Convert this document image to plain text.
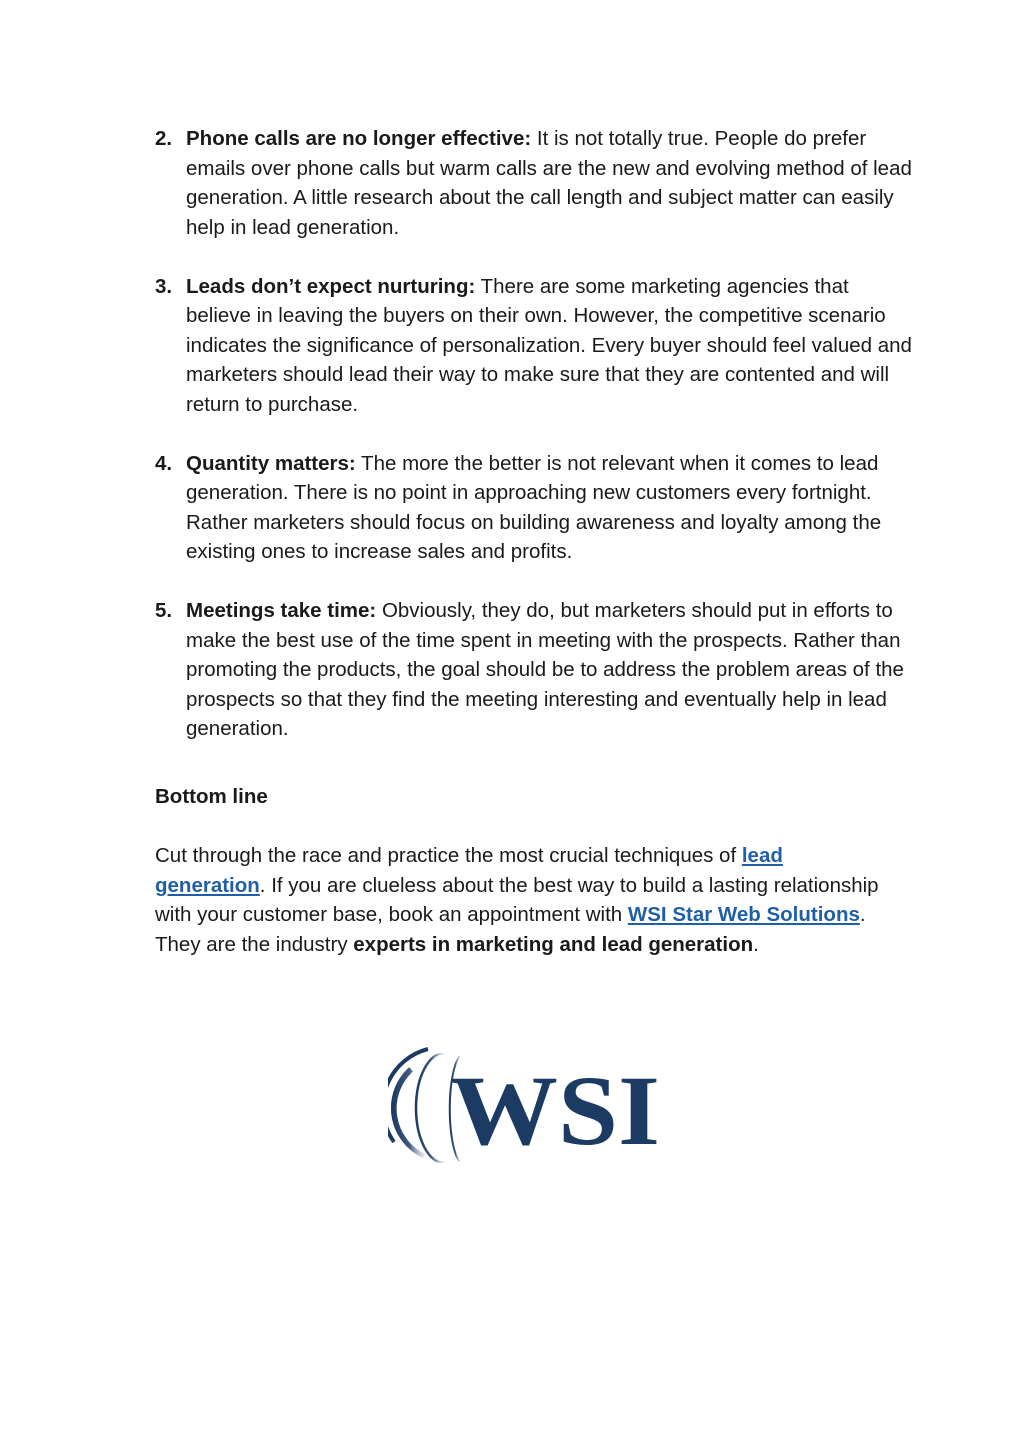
2. Phone calls are no longer effective: It is not totally true. People do prefer emails over phone calls but warm calls are the new and evolving method of lead generation. A little research about the call length and subject matter can easily help in lead generation.
3. Leads don’t expect nurturing: There are some marketing agencies that believe in leaving the buyers on their own. However, the competitive scenario indicates the significance of personalization. Every buyer should feel valued and marketers should lead their way to make sure that they are contented and will return to purchase.
4. Quantity matters: The more the better is not relevant when it comes to lead generation. There is no point in approaching new customers every fortnight. Rather marketers should focus on building awareness and loyalty among the existing ones to increase sales and profits.
5. Meetings take time: Obviously, they do, but marketers should put in efforts to make the best use of the time spent in meeting with the prospects. Rather than promoting the products, the goal should be to address the problem areas of the prospects so that they find the meeting interesting and eventually help in lead generation.

Bottom line

Cut through the race and practice the most crucial techniques of lead generation. If you are clueless about the best way to build a lasting relationship with your customer base, book an appointment with WSI Star Web Solutions. They are the industry experts in marketing and lead generation.

WSI
